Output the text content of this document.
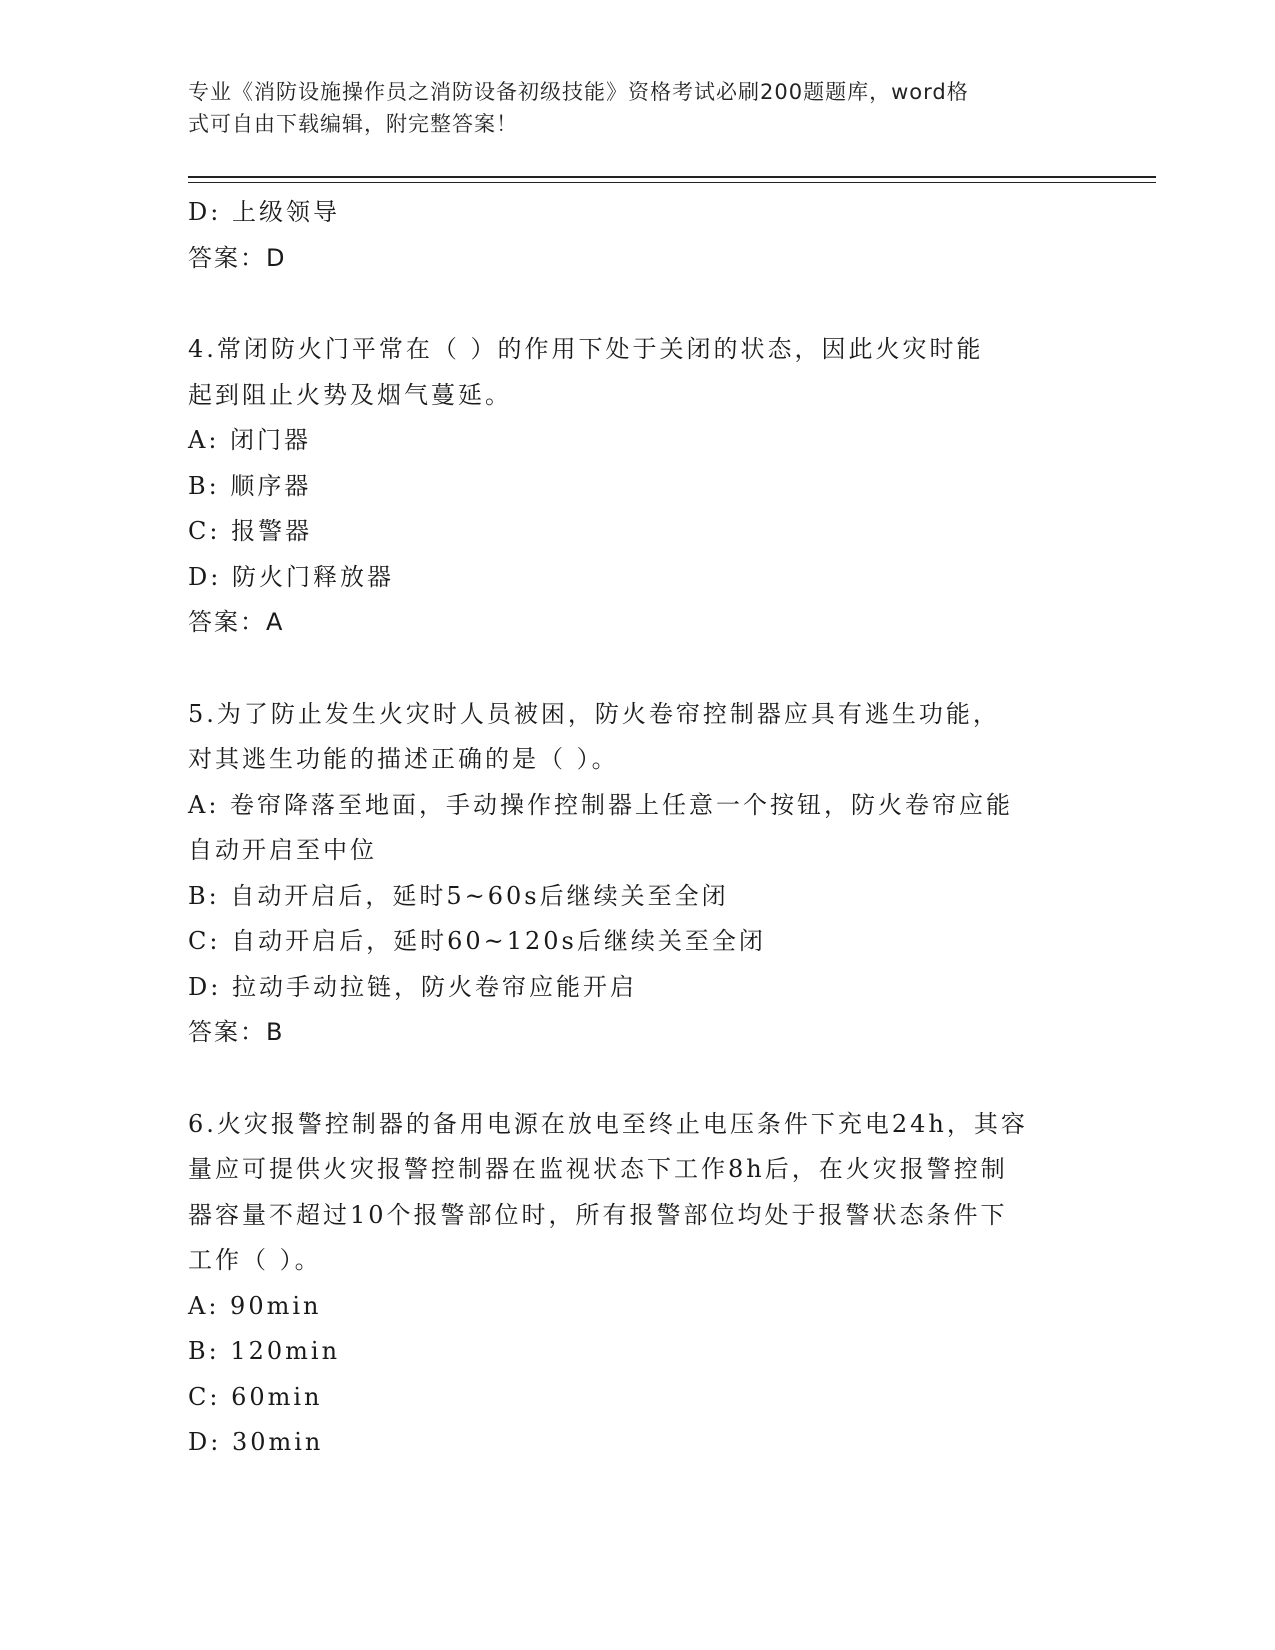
专业《消防设施操作员之消防设备初级技能》资格考试必刷200题题库，word格
式可自由下载编辑，附完整答案！
D: 上级领导
答案：D
4.常闭防火门平常在（ ）的作用下处于关闭的状态，因此火灾时能
起到阻止火势及烟气蔓延。
A: 闭门器
B: 顺序器
C: 报警器
D: 防火门释放器
答案：A
5.为了防止发生火灾时人员被困，防火卷帘控制器应具有逃生功能，
对其逃生功能的描述正确的是（ ）。
A: 卷帘降落至地面，手动操作控制器上任意一个按钮，防火卷帘应能
自动开启至中位
B: 自动开启后，延时5~60s后继续关至全闭
C: 自动开启后，延时60~120s后继续关至全闭
D: 拉动手动拉链，防火卷帘应能开启
答案：B
6.火灾报警控制器的备用电源在放电至终止电压条件下充电24h，其容
量应可提供火灾报警控制器在监视状态下工作8h后，在火灾报警控制
器容量不超过10个报警部位时，所有报警部位均处于报警状态条件下
工作（ ）。
A: 90min
B: 120min
C: 60min
D: 30min
